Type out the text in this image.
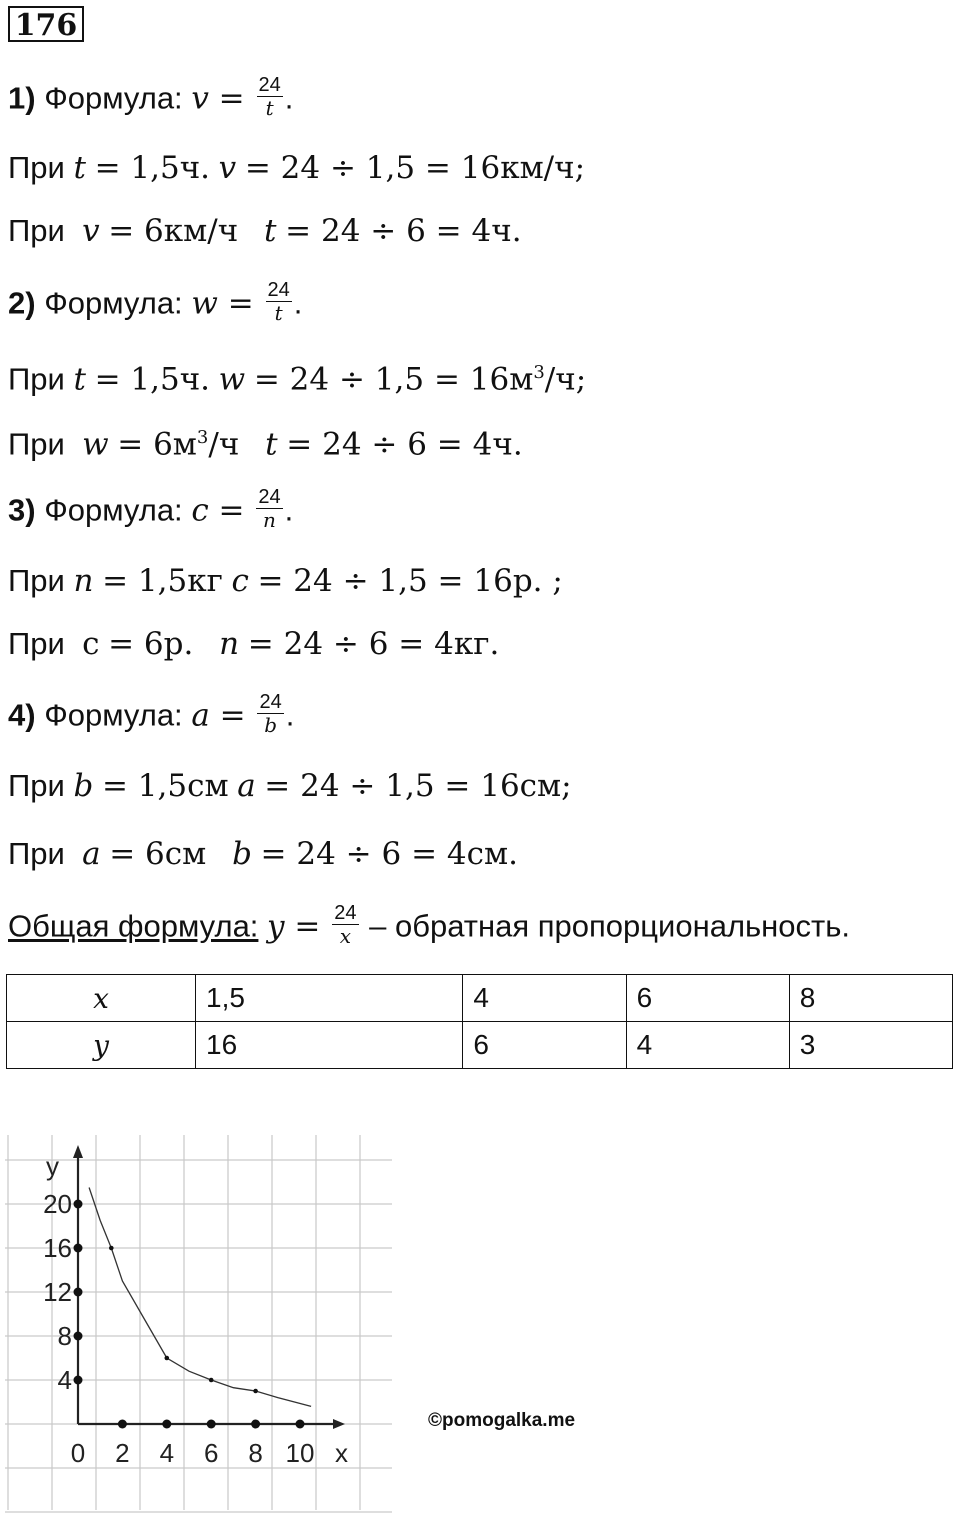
176
1) Формула: $v = \frac{24}{t}$ .
При t = 1,5ч. v = 24 ÷ 1,5 = 16км/ч;
При v = 6км/ч t = 24 ÷ 6 = 4ч.
2) Формула: $w = \frac{24}{t}$ .
При t = 1,5ч. $w = 24 \div 1,5 = 16м^3/ч$;
При $w = 6м^3/ч$ t = 24 ÷ 6 = 4ч.
3) Формула: $c = \frac{24}{n}$ .
При n = 1,5кг c = 24 ÷ 1,5 = 16р. ;
При с = 6р. n = 24 ÷ 6 = 4кг.
4) Формула: $a = \frac{24}{b}$ .
При b = 1,5см a = 24 ÷ 1,5 = 16см;
При a = 6см b = 24 ÷ 6 = 4см.
Общая формула: $y = \frac{24}{x}$ – обратная пропорциональность.
x	1,5	4	6	8
y	16	6	4	3
x
y
0 2 4 6 8 10
4
8
12
16
20
©pomogalka.me
